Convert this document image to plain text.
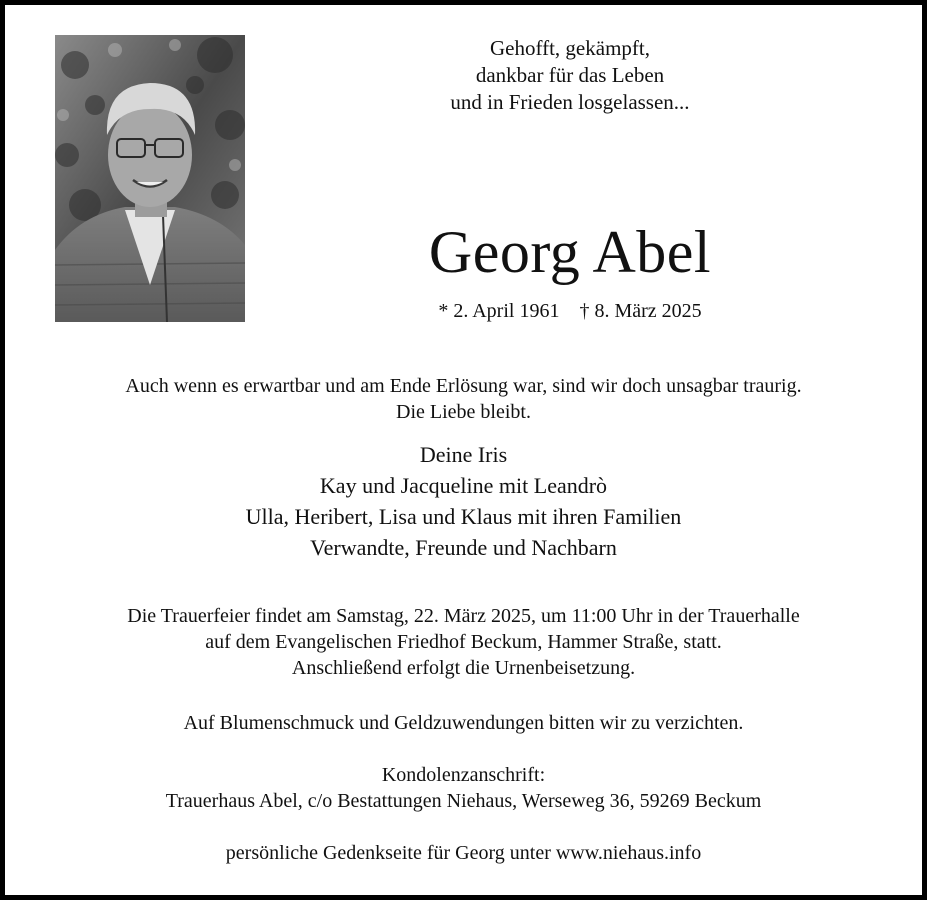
Gehofft, gekämpft,
dankbar für das Leben
und in Frieden losgelassen...
Georg Abel
* 2. April 1961 † 8. März 2025
Auch wenn es erwartbar und am Ende Erlösung war, sind wir doch unsagbar traurig.
Die Liebe bleibt.
Deine Iris
Kay und Jacqueline mit Leandrò
Ulla, Heribert, Lisa und Klaus mit ihren Familien
Verwandte, Freunde und Nachbarn
Die Trauerfeier findet am Samstag, 22. März 2025, um 11:00 Uhr in der Trauerhalle
auf dem Evangelischen Friedhof Beckum, Hammer Straße, statt.
Anschließend erfolgt die Urnenbeisetzung.
Auf Blumenschmuck und Geldzuwendungen bitten wir zu verzichten.
Kondolenzanschrift:
Trauerhaus Abel, c/o Bestattungen Niehaus, Werseweg 36, 59269 Beckum
persönliche Gedenkseite für Georg unter www.niehaus.info
